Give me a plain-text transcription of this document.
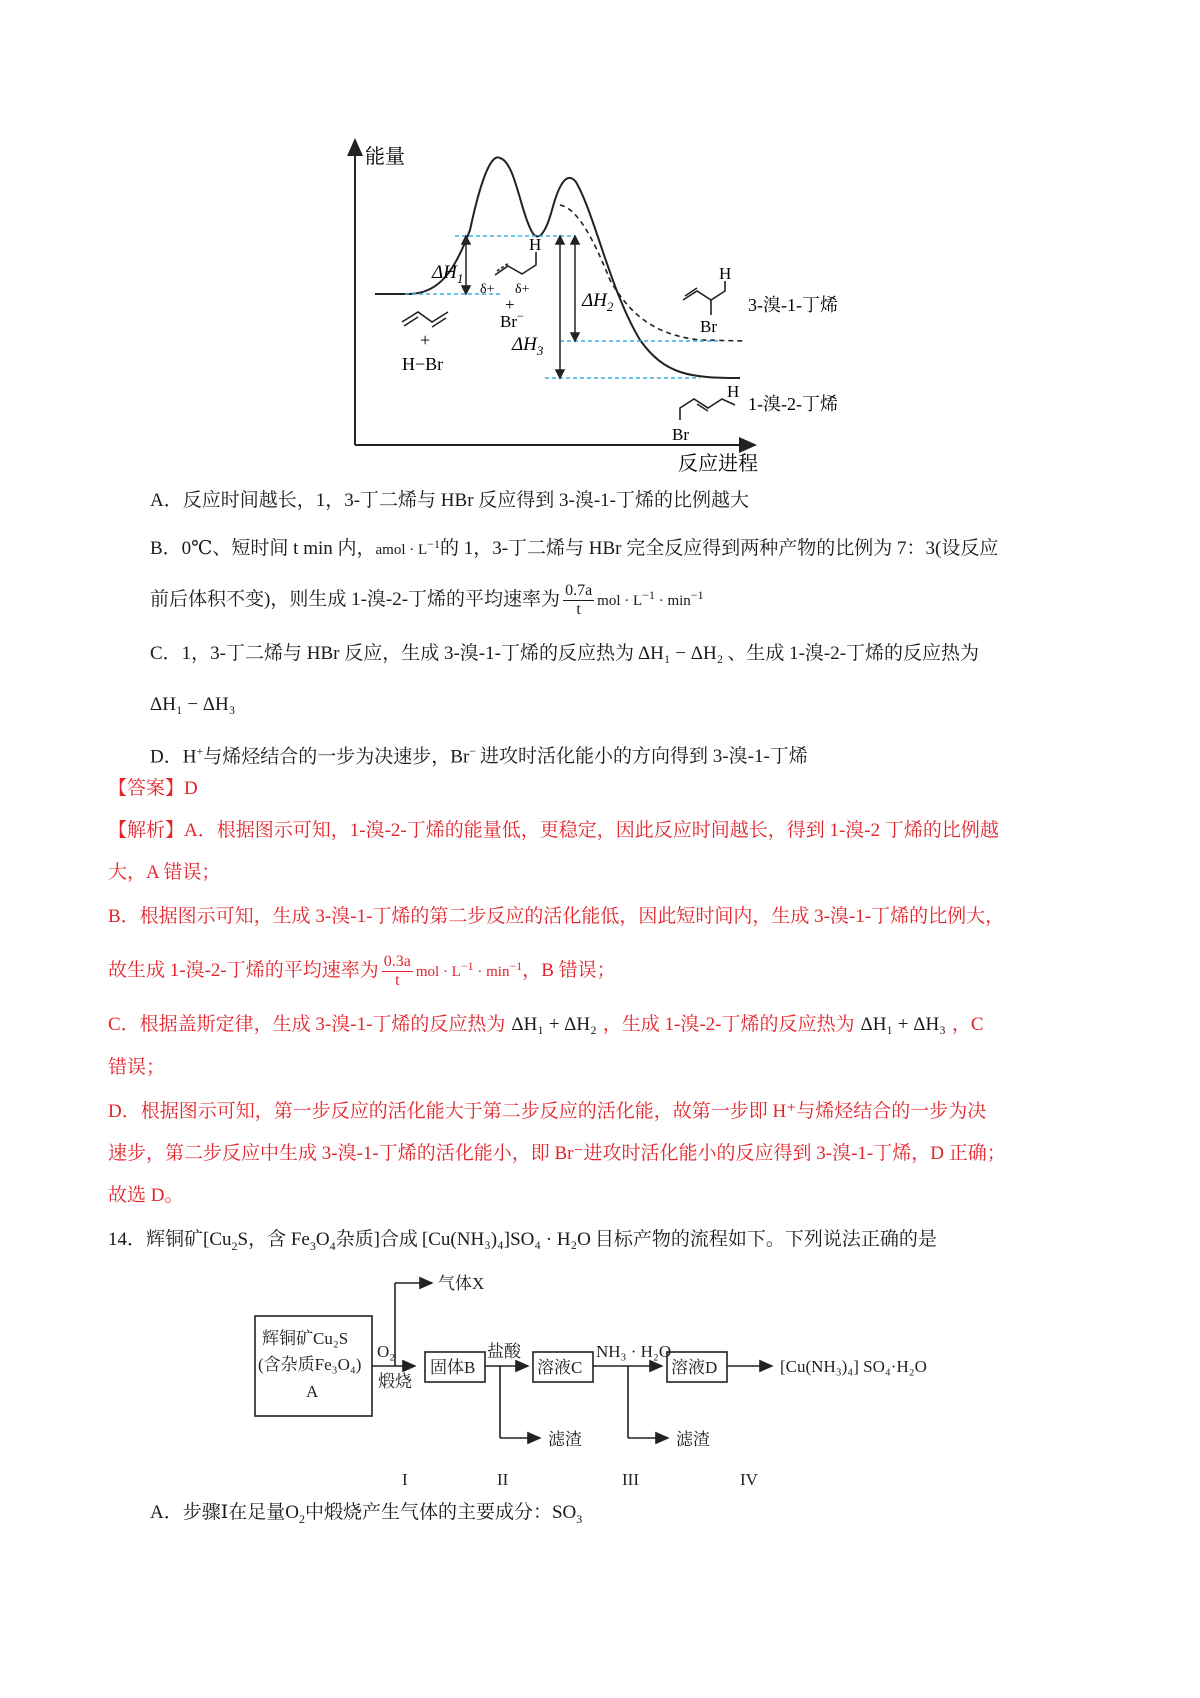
能量
反应进程
$\Delta H_1$
$\Delta H_2$
$\Delta H_3$
+
H−Br
H
δ+ δ+
+
Br−
H
Br
3-溴-1-丁烯
H
Br
1-溴-2-丁烯
A．反应时间越长，1，3-丁二烯与 HBr 反应得到 3-溴-1-丁烯的比例越大
B．0℃、短时间 t min 内，amol · $L^{-1}$的 1，3-丁二烯与 HBr 完全反应得到两种产物的比例为 7：3(设反应
前后体积不变)，则生成 1-溴-2-丁烯的平均速率为 $\frac{0.7a}{t}$ mol · $L^{-1} \cdot \min^{-1}$
C．1，3-丁二烯与 HBr 反应，生成 3-溴-1-丁烯的反应热为 ΔH₁ − ΔH₂ 、生成 1-溴-2-丁烯的反应热为
ΔH₁ − ΔH₃
D．H+与烯烃结合的一步为决速步，Br− 进攻时活化能小的方向得到 3-溴-1-丁烯
【答案】D
【解析】A．根据图示可知，1-溴-2-丁烯的能量低，更稳定，因此反应时间越长，得到 1-溴-2 丁烯的比例越
大，A 错误；
B．根据图示可知，生成 3-溴-1-丁烯的第二步反应的活化能低，因此短时间内，生成 3-溴-1-丁烯的比例大，
故生成 1-溴-2-丁烯的平均速率为 $\frac{0.3a}{t}$ mol · $L^{-1} \cdot \min^{-1}$，B 错误；
C．根据盖斯定律，生成 3-溴-1-丁烯的反应热为 ΔH₁ + ΔH₂ ，生成 1-溴-2-丁烯的反应热为 ΔH₁ + ΔH₃ ，C
错误；
D．根据图示可知，第一步反应的活化能大于第二步反应的活化能，故第一步即 H⁺与烯烃结合的一步为决
速步，第二步反应中生成 3-溴-1-丁烯的活化能小，即 Br⁻进攻时活化能小的反应得到 3-溴-1-丁烯，D 正确；
故选 D。
14．辉铜矿[$Cu_2S$，含 $Fe_3O_4$杂质]合成 [Cu(NH₃)₄]SO₄ · H₂O 目标产物的流程如下。下列说法正确的是
辉铜矿Cu₂S
(含杂质Fe₃O₄)
A
气体X
O₂
煅烧
固体B
盐酸
滤渣
溶液C
NH₃ · H₂O
滤渣
溶液D	[Cu(NH₃)₄] SO₄·H₂O
I	II	III	IV
A．步骤Ⅰ在足量$O_2$中煅烧产生气体的主要成分：$SO_3$
